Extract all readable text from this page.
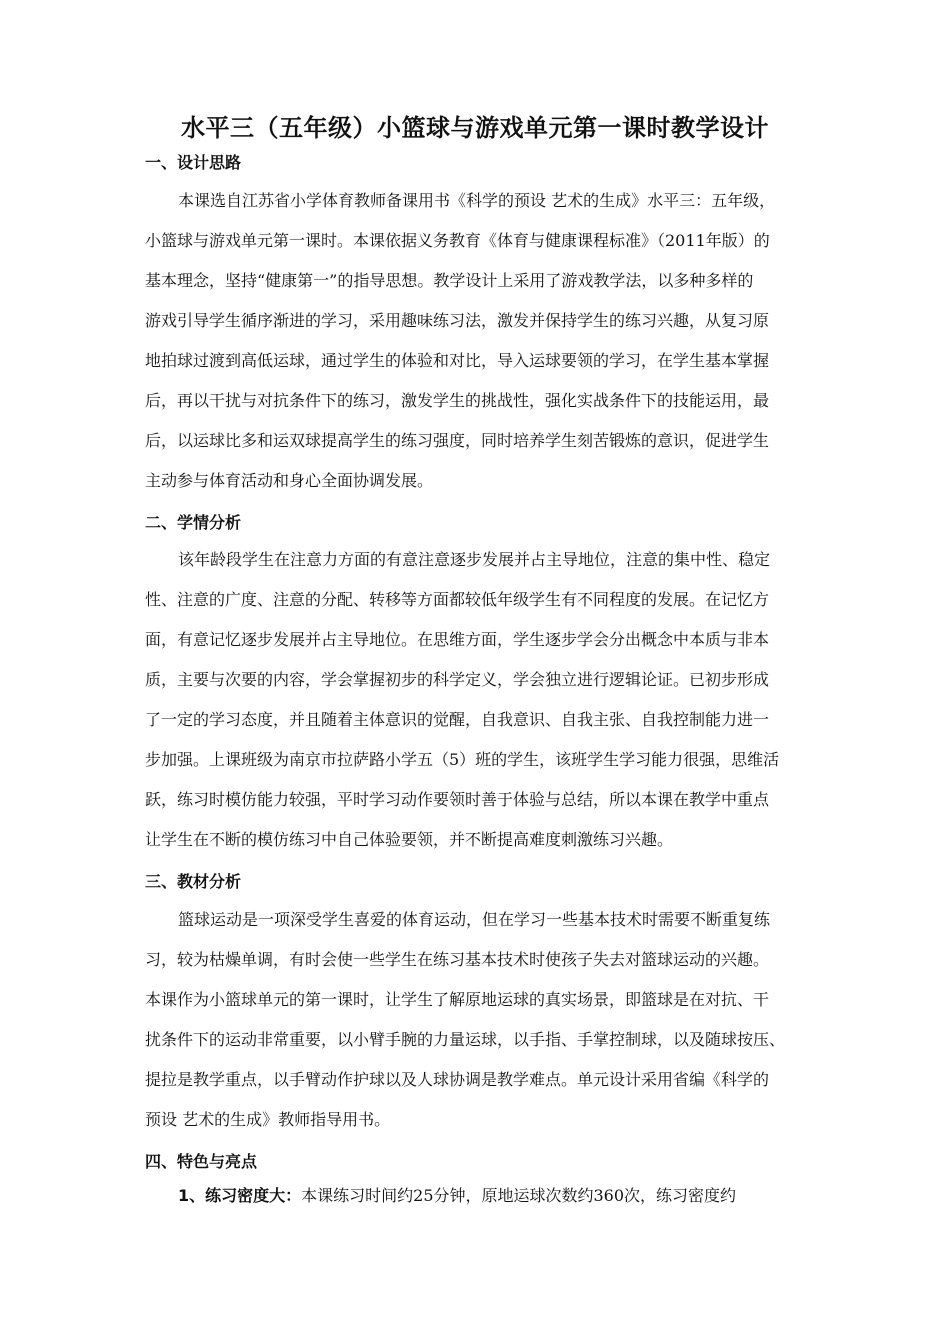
水平三（五年级）小篮球与游戏单元第一课时教学设计
一、设计思路
本课选自江苏省小学体育教师备课用书《科学的预设 艺术的生成》水平三：五年级，
小篮球与游戏单元第一课时。本课依据义务教育《体育与健康课程标准》（2011年版）的
基本理念，坚持“健康第一”的指导思想。教学设计上采用了游戏教学法，以多种多样的
游戏引导学生循序渐进的学习，采用趣味练习法，激发并保持学生的练习兴趣，从复习原
地拍球过渡到高低运球，通过学生的体验和对比，导入运球要领的学习，在学生基本掌握
后，再以干扰与对抗条件下的练习，激发学生的挑战性，强化实战条件下的技能运用，最
后，以运球比多和运双球提高学生的练习强度，同时培养学生刻苦锻炼的意识，促进学生
主动参与体育活动和身心全面协调发展。
二、学情分析
该年龄段学生在注意力方面的有意注意逐步发展并占主导地位，注意的集中性、稳定
性、注意的广度、注意的分配、转移等方面都较低年级学生有不同程度的发展。在记忆方
面，有意记忆逐步发展并占主导地位。在思维方面，学生逐步学会分出概念中本质与非本
质，主要与次要的内容，学会掌握初步的科学定义，学会独立进行逻辑论证。已初步形成
了一定的学习态度，并且随着主体意识的觉醒，自我意识、自我主张、自我控制能力进一
步加强。上课班级为南京市拉萨路小学五（5）班的学生，该班学生学习能力很强，思维活
跃，练习时模仿能力较强，平时学习动作要领时善于体验与总结，所以本课在教学中重点
让学生在不断的模仿练习中自己体验要领，并不断提高难度刺激练习兴趣。
三、教材分析
篮球运动是一项深受学生喜爱的体育运动，但在学习一些基本技术时需要不断重复练
习，较为枯燥单调，有时会使一些学生在练习基本技术时使孩子失去对篮球运动的兴趣。
本课作为小篮球单元的第一课时，让学生了解原地运球的真实场景，即篮球是在对抗、干
扰条件下的运动非常重要，以小臂手腕的力量运球，以手指、手掌控制球，以及随球按压、
提拉是教学重点，以手臂动作护球以及人球协调是教学难点。单元设计采用省编《科学的
预设 艺术的生成》教师指导用书。
四、特色与亮点
1、练习密度大：本课练习时间约25分钟，原地运球次数约360次，练习密度约
